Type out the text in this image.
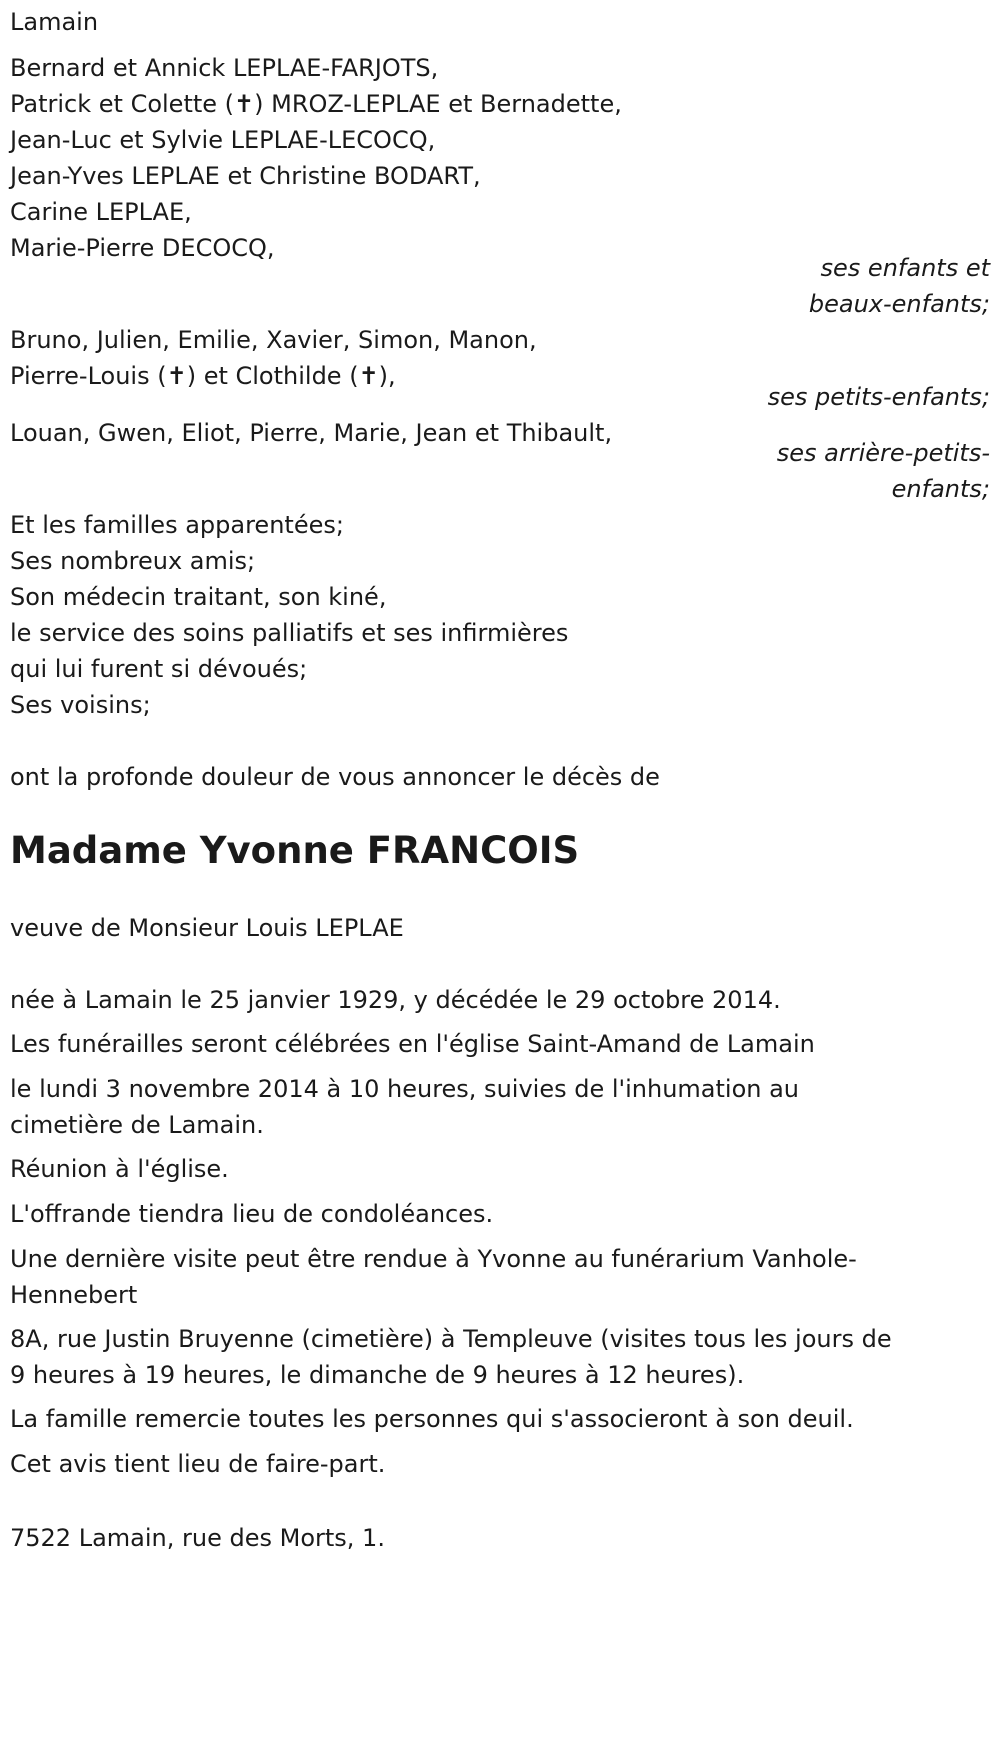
Lamain

Bernard et Annick LEPLAE-FARJOTS,
Patrick et Colette (✝) MROZ-LEPLAE et Bernadette,
Jean-Luc et Sylvie LEPLAE-LECOCQ,
Jean-Yves LEPLAE et Christine BODART,
Carine LEPLAE,
Marie-Pierre DECOCQ,
ses enfants et
beaux-enfants;
Bruno, Julien, Emilie, Xavier, Simon, Manon,
Pierre-Louis (✝) et Clothilde (✝),
ses petits-enfants;

Louan, Gwen, Eliot, Pierre, Marie, Jean et Thibault,

ses arrière-petits-
enfants;
Et les familles apparentées;
Ses nombreux amis;
Son médecin traitant, son kiné,
le service des soins palliatifs et ses infirmières
qui lui furent si dévoués;
Ses voisins;

ont la profonde douleur de vous annoncer le décès de

Madame Yvonne FRANCOIS

veuve de Monsieur Louis LEPLAE

née à Lamain le 25 janvier 1929, y décédée le 29 octobre 2014.

Les funérailles seront célébrées en l'église Saint-Amand de Lamain

le lundi 3 novembre 2014 à 10 heures, suivies de l'inhumation au
cimetière de Lamain.

Réunion à l'église.

L'offrande tiendra lieu de condoléances.

Une dernière visite peut être rendue à Yvonne au funérarium Vanhole-
Hennebert
8A, rue Justin Bruyenne (cimetière) à Templeuve (visites tous les jours de
9 heures à 19 heures, le dimanche de 9 heures à 12 heures).

La famille remercie toutes les personnes qui s'associeront à son deuil.

Cet avis tient lieu de faire-part.

7522 Lamain, rue des Morts, 1.
